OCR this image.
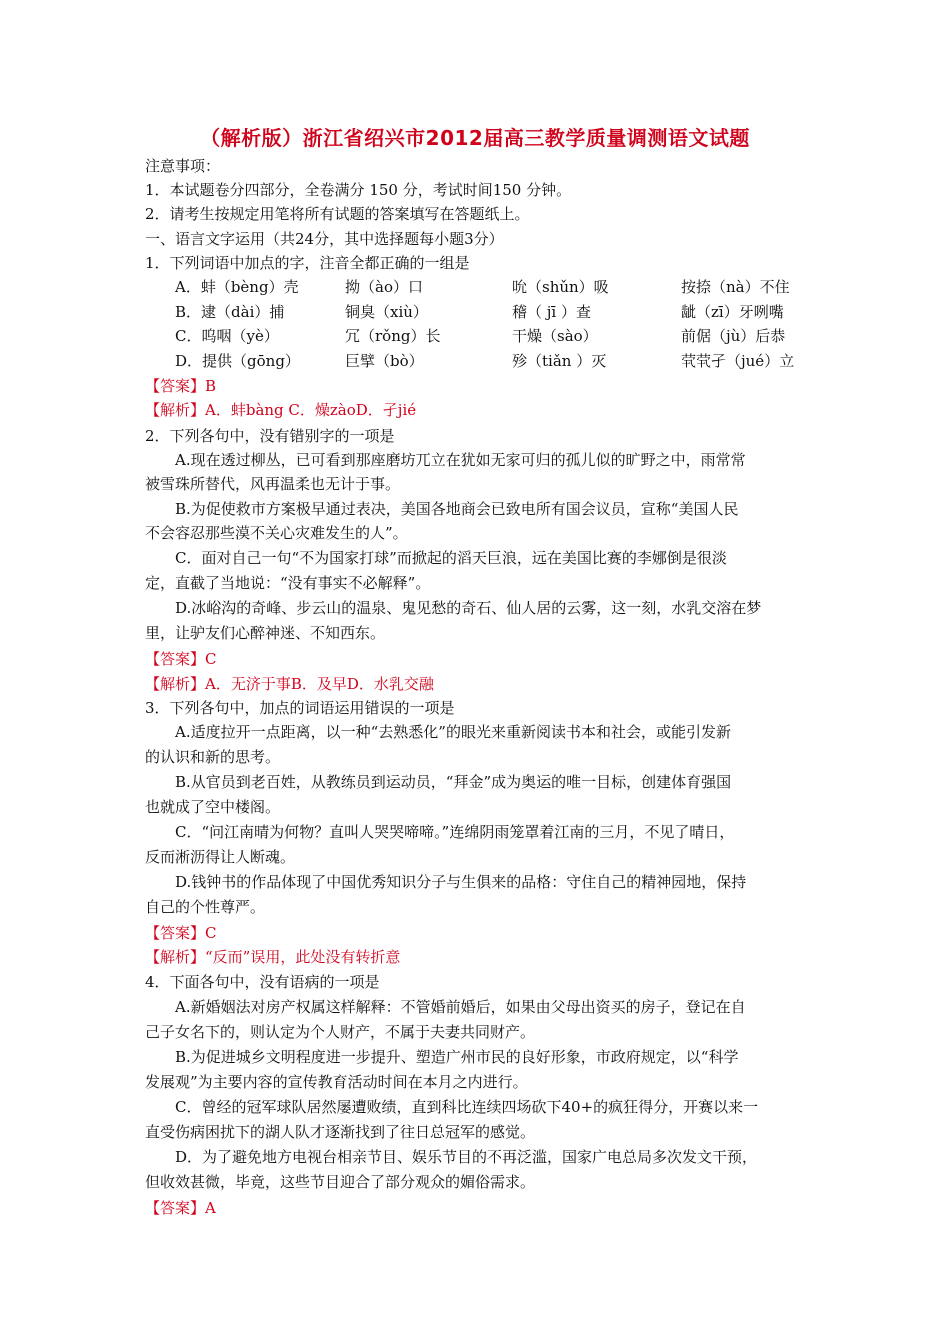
（解析版）浙江省绍兴市2012届高三教学质量调测语文试题
注意事项：
1．本试题卷分四部分，全卷满分 150 分，考试时间150 分钟。
2．请考生按规定用笔将所有试题的答案填写在答题纸上。
一、语言文字运用（共24分，其中选择题每小题3分）
1．下列词语中加点的字，注音全都正确的一组是
A．蚌（bèng）壳	拗（ào）口	吮（shǔn）吸	按捺（nà）不住
B．逮（dài）捕	铜臭（xiù）	稽（ jī ）查	龇（zī）牙咧嘴
C．呜咽（yè）	冗（rǒng）长	干燥（sào）	前倨（jù）后恭
D．提供（gōng）	巨擘（bò）	殄（tiǎn ）灭	茕茕孑（jué）立
【答案】B
【解析】A．蚌bàng C．燥zàoD．孑jié
2．下列各句中，没有错别字的一项是
A.现在透过柳丛，已可看到那座磨坊兀立在犹如无家可归的孤儿似的旷野之中，雨常常
被雪珠所替代，风再温柔也无计于事。
B.为促使救市方案极早通过表决，美国各地商会已致电所有国会议员，宣称“美国人民
不会容忍那些漠不关心灾难发生的人”。
C．面对自己一句“不为国家打球”而掀起的滔天巨浪，远在美国比赛的李娜倒是很淡
定，直截了当地说：“没有事实不必解释”。
D.冰峪沟的奇峰、步云山的温泉、鬼见愁的奇石、仙人居的云雾，这一刻，水乳交溶在梦
里，让驴友们心醉神迷、不知西东。
【答案】C
【解析】A．无济于事B．及早D．水乳交融
3．下列各句中，加点的词语运用错误的一项是
A.适度拉开一点距离，以一种“去熟悉化”的眼光来重新阅读书本和社会，或能引发新
的认识和新的思考。
B.从官员到老百姓，从教练员到运动员，“拜金”成为奥运的唯一目标，创建体育强国
也就成了空中楼阁。
C．“问江南晴为何物？直叫人哭哭啼啼。”连绵阴雨笼罩着江南的三月，不见了晴日，
反而淅沥得让人断魂。
D.钱钟书的作品体现了中国优秀知识分子与生俱来的品格：守住自己的精神园地，保持
自己的个性尊严。
【答案】C
【解析】“反而”误用，此处没有转折意
4．下面各句中，没有语病的一项是
A.新婚姻法对房产权属这样解释：不管婚前婚后，如果由父母出资买的房子，登记在自
己子女名下的，则认定为个人财产，不属于夫妻共同财产。
B.为促进城乡文明程度进一步提升、塑造广州市民的良好形象，市政府规定，以“科学
发展观”为主要内容的宣传教育活动时间在本月之内进行。
C．曾经的冠军球队居然屡遭败绩，直到科比连续四场砍下40+的疯狂得分，开赛以来一
直受伤病困扰下的湖人队才逐渐找到了往日总冠军的感觉。
D．为了避免地方电视台相亲节目、娱乐节目的不再泛滥，国家广电总局多次发文干预，
但收效甚微，毕竟，这些节目迎合了部分观众的媚俗需求。
【答案】A
